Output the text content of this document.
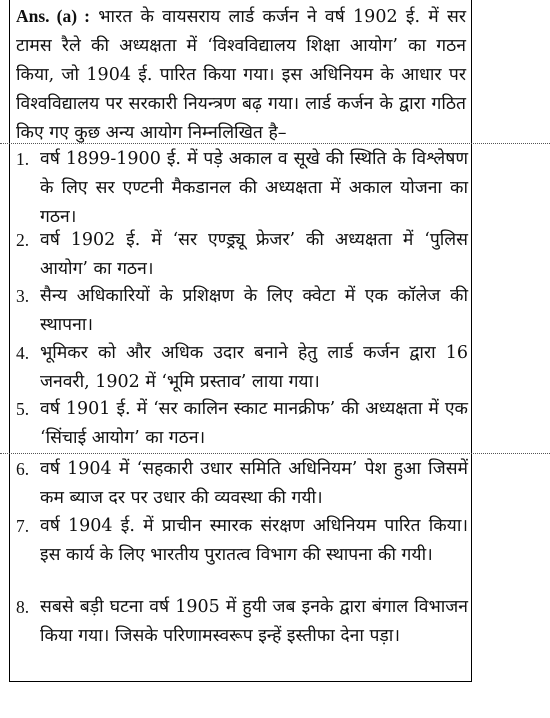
Ans. (a) : भारत के वायसराय लार्ड कर्जन ने वर्ष 1902 ई. में सर टामस रैले की अध्यक्षता में ‘विश्वविद्यालय शिक्षा आयोग’ का गठन किया, जो 1904 ई. पारित किया गया। इस अधिनियम के आधार पर विश्वविद्यालय पर सरकारी नियन्त्रण बढ़ गया। लार्ड कर्जन के द्वारा गठित किए गए कुछ अन्य आयोग निम्नलिखित है–

1. वर्ष 1899-1900 ई. में पड़े अकाल व सूखे की स्थिति के विश्लेषण के लिए सर एण्टनी मैकडानल की अध्यक्षता में अकाल योजना का गठन।
2. वर्ष 1902 ई. में ‘सर एण्ड्र्यू फ्रेजर’ की अध्यक्षता में ‘पुलिस आयोग’ का गठन।
3. सैन्य अधिकारियों के प्रशिक्षण के लिए क्वेटा में एक कॉलेज की स्थापना।
4. भूमिकर को और अधिक उदार बनाने हेतु लार्ड कर्जन द्वारा 16 जनवरी, 1902 में ‘भूमि प्रस्ताव’ लाया गया।
5. वर्ष 1901 ई. में ‘सर कालिन स्काट मानक्रीफ’ की अध्यक्षता में एक ‘सिंचाई आयोग’ का गठन।
6. वर्ष 1904 में ‘सहकारी उधार समिति अधिनियम’ पेश हुआ जिसमें कम ब्याज दर पर उधार की व्यवस्था की गयी।
7. वर्ष 1904 ई. में प्राचीन स्मारक संरक्षण अधिनियम पारित किया। इस कार्य के लिए भारतीय पुरातत्व विभाग की स्थापना की गयी।
8. सबसे बड़ी घटना वर्ष 1905 में हुयी जब इनके द्वारा बंगाल विभाजन किया गया। जिसके परिणामस्वरूप इन्हें इस्तीफा देना पड़ा।
